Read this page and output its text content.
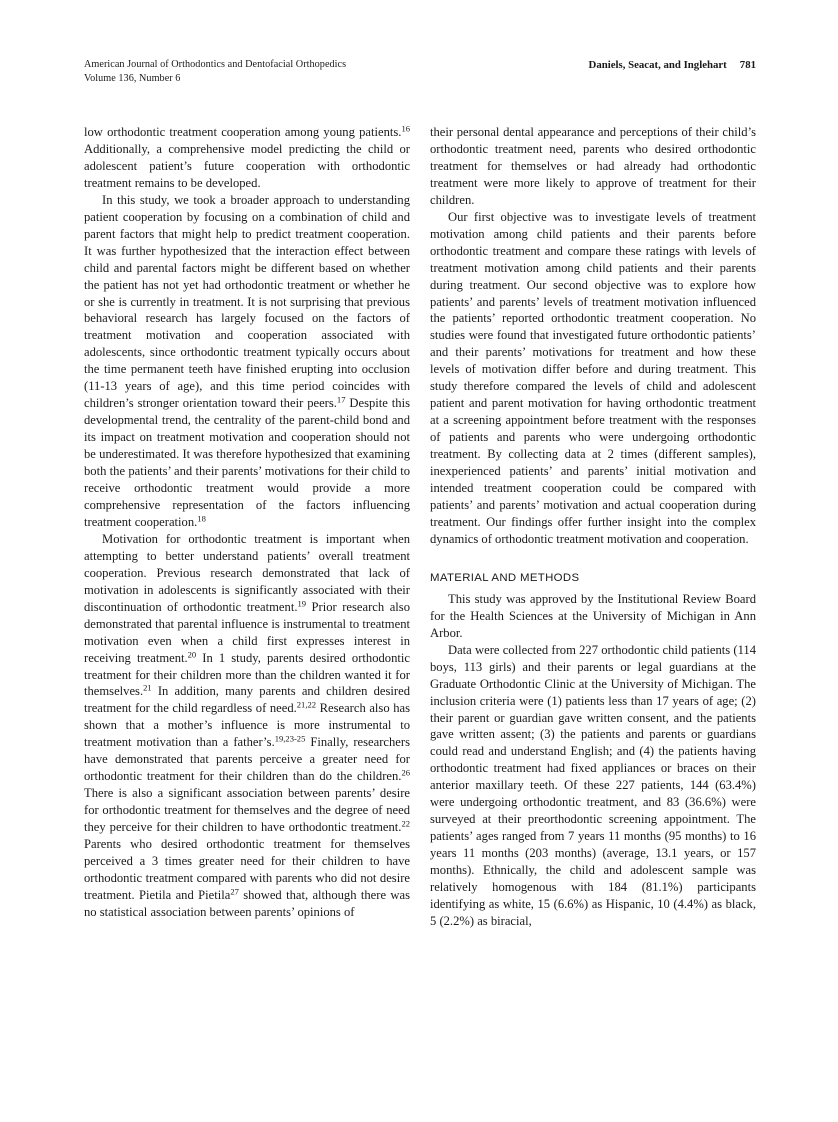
American Journal of Orthodontics and Dentofacial Orthopedics
Volume 136, Number 6
Daniels, Seacat, and Inglehart 781

low orthodontic treatment cooperation among young patients.$^{16}$ Additionally, a comprehensive model predicting the child or adolescent patient’s future cooperation with orthodontic treatment remains to be developed.

In this study, we took a broader approach to understanding patient cooperation by focusing on a combination of child and parent factors that might help to predict treatment cooperation. It was further hypothesized that the interaction effect between child and parental factors might be different based on whether the patient has not yet had orthodontic treatment or whether he or she is currently in treatment. It is not surprising that previous behavioral research has largely focused on the factors of treatment motivation and cooperation associated with adolescents, since orthodontic treatment typically occurs about the time permanent teeth have finished erupting into occlusion (11-13 years of age), and this time period coincides with children’s stronger orientation toward their peers.$^{17}$ Despite this developmental trend, the centrality of the parent-child bond and its impact on treatment motivation and cooperation should not be underestimated. It was therefore hypothesized that examining both the patients’ and their parents’ motivations for their child to receive orthodontic treatment would provide a more comprehensive representation of the factors influencing treatment cooperation.$^{18}$

Motivation for orthodontic treatment is important when attempting to better understand patients’ overall treatment cooperation. Previous research demonstrated that lack of motivation in adolescents is significantly associated with their discontinuation of orthodontic treatment.$^{19}$ Prior research also demonstrated that parental influence is instrumental to treatment motivation even when a child first expresses interest in receiving treatment.$^{20}$ In 1 study, parents desired orthodontic treatment for their children more than the children wanted it for themselves.$^{21}$ In addition, many parents and children desired treatment for the child regardless of need.$^{21,22}$ Research also has shown that a mother’s influence is more instrumental to treatment motivation than a father’s.$^{19,23-25}$ Finally, researchers have demonstrated that parents perceive a greater need for orthodontic treatment for their children than do the children.$^{26}$ There is also a significant association between parents’ desire for orthodontic treatment for themselves and the degree of need they perceive for their children to have orthodontic treatment.$^{22}$ Parents who desired orthodontic treatment for themselves perceived a 3 times greater need for their children to have orthodontic treatment compared with parents who did not desire treatment. Pietila and Pietila$^{27}$ showed that, although there was no statistical association between parents’ opinions of

their personal dental appearance and perceptions of their child’s orthodontic treatment need, parents who desired orthodontic treatment for themselves or had already had orthodontic treatment were more likely to approve of treatment for their children.

Our first objective was to investigate levels of treatment motivation among child patients and their parents before orthodontic treatment and compare these ratings with levels of treatment motivation among child patients and their parents during treatment. Our second objective was to explore how patients’ and parents’ levels of treatment motivation influenced the patients’ reported orthodontic treatment cooperation. No studies were found that investigated future orthodontic patients’ and their parents’ motivations for treatment and how these levels of motivation differ before and during treatment. This study therefore compared the levels of child and adolescent patient and parent motivation for having orthodontic treatment at a screening appointment before treatment with the responses of patients and parents who were undergoing orthodontic treatment. By collecting data at 2 times (different samples), inexperienced patients’ and parents’ initial motivation and intended treatment cooperation could be compared with patients’ and parents’ motivation and actual cooperation during treatment. Our findings offer further insight into the complex dynamics of orthodontic treatment motivation and cooperation.

MATERIAL AND METHODS

This study was approved by the Institutional Review Board for the Health Sciences at the University of Michigan in Ann Arbor.

Data were collected from 227 orthodontic child patients (114 boys, 113 girls) and their parents or legal guardians at the Graduate Orthodontic Clinic at the University of Michigan. The inclusion criteria were (1) patients less than 17 years of age; (2) their parent or guardian gave written consent, and the patients gave written assent; (3) the patients and parents or guardians could read and understand English; and (4) the patients having orthodontic treatment had fixed appliances or braces on their anterior maxillary teeth. Of these 227 patients, 144 (63.4%) were undergoing orthodontic treatment, and 83 (36.6%) were surveyed at their preorthodontic screening appointment. The patients’ ages ranged from 7 years 11 months (95 months) to 16 years 11 months (203 months) (average, 13.1 years, or 157 months). Ethnically, the child and adolescent sample was relatively homogenous with 184 (81.1%) participants identifying as white, 15 (6.6%) as Hispanic, 10 (4.4%) as black, 5 (2.2%) as biracial,
